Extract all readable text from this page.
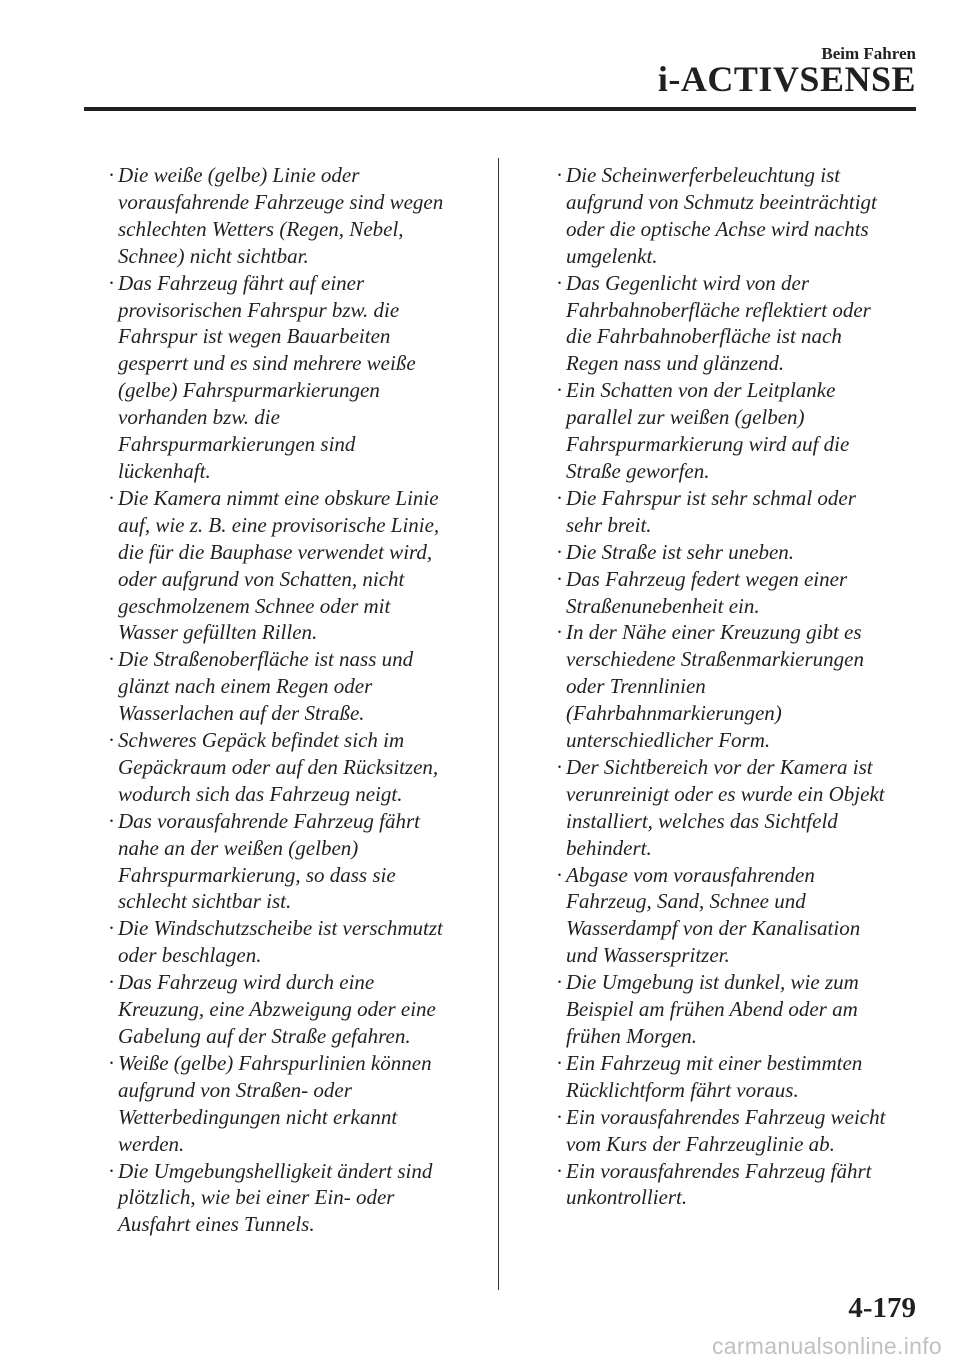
Beim Fahren
i-ACTIVSENSE
· Die weiße (gelbe) Linie oder
vorausfahrende Fahrzeuge sind wegen
schlechten Wetters (Regen, Nebel,
Schnee) nicht sichtbar.
· Das Fahrzeug fährt auf einer
provisorischen Fahrspur bzw. die
Fahrspur ist wegen Bauarbeiten
gesperrt und es sind mehrere weiße
(gelbe) Fahrspurmarkierungen
vorhanden bzw. die
Fahrspurmarkierungen sind
lückenhaft.
· Die Kamera nimmt eine obskure Linie
auf, wie z. B. eine provisorische Linie,
die für die Bauphase verwendet wird,
oder aufgrund von Schatten, nicht
geschmolzenem Schnee oder mit
Wasser gefüllten Rillen.
· Die Straßenoberfläche ist nass und
glänzt nach einem Regen oder
Wasserlachen auf der Straße.
· Schweres Gepäck befindet sich im
Gepäckraum oder auf den Rücksitzen,
wodurch sich das Fahrzeug neigt.
· Das vorausfahrende Fahrzeug fährt
nahe an der weißen (gelben)
Fahrspurmarkierung, so dass sie
schlecht sichtbar ist.
· Die Windschutzscheibe ist verschmutzt
oder beschlagen.
· Das Fahrzeug wird durch eine
Kreuzung, eine Abzweigung oder eine
Gabelung auf der Straße gefahren.
· Weiße (gelbe) Fahrspurlinien können
aufgrund von Straßen- oder
Wetterbedingungen nicht erkannt
werden.
· Die Umgebungshelligkeit ändert sind
plötzlich, wie bei einer Ein- oder
Ausfahrt eines Tunnels.
· Die Scheinwerferbeleuchtung ist
aufgrund von Schmutz beeinträchtigt
oder die optische Achse wird nachts
umgelenkt.
· Das Gegenlicht wird von der
Fahrbahnoberfläche reflektiert oder
die Fahrbahnoberfläche ist nach
Regen nass und glänzend.
· Ein Schatten von der Leitplanke
parallel zur weißen (gelben)
Fahrspurmarkierung wird auf die
Straße geworfen.
· Die Fahrspur ist sehr schmal oder
sehr breit.
· Die Straße ist sehr uneben.
· Das Fahrzeug federt wegen einer
Straßenunebenheit ein.
· In der Nähe einer Kreuzung gibt es
verschiedene Straßenmarkierungen
oder Trennlinien
(Fahrbahnmarkierungen)
unterschiedlicher Form.
· Der Sichtbereich vor der Kamera ist
verunreinigt oder es wurde ein Objekt
installiert, welches das Sichtfeld
behindert.
· Abgase vom vorausfahrenden
Fahrzeug, Sand, Schnee und
Wasserdampf von der Kanalisation
und Wasserspritzer.
· Die Umgebung ist dunkel, wie zum
Beispiel am frühen Abend oder am
frühen Morgen.
· Ein Fahrzeug mit einer bestimmten
Rücklichtform fährt voraus.
· Ein vorausfahrendes Fahrzeug weicht
vom Kurs der Fahrzeuglinie ab.
· Ein vorausfahrendes Fahrzeug fährt
unkontrolliert.
4-179
carmanualsonline.info
